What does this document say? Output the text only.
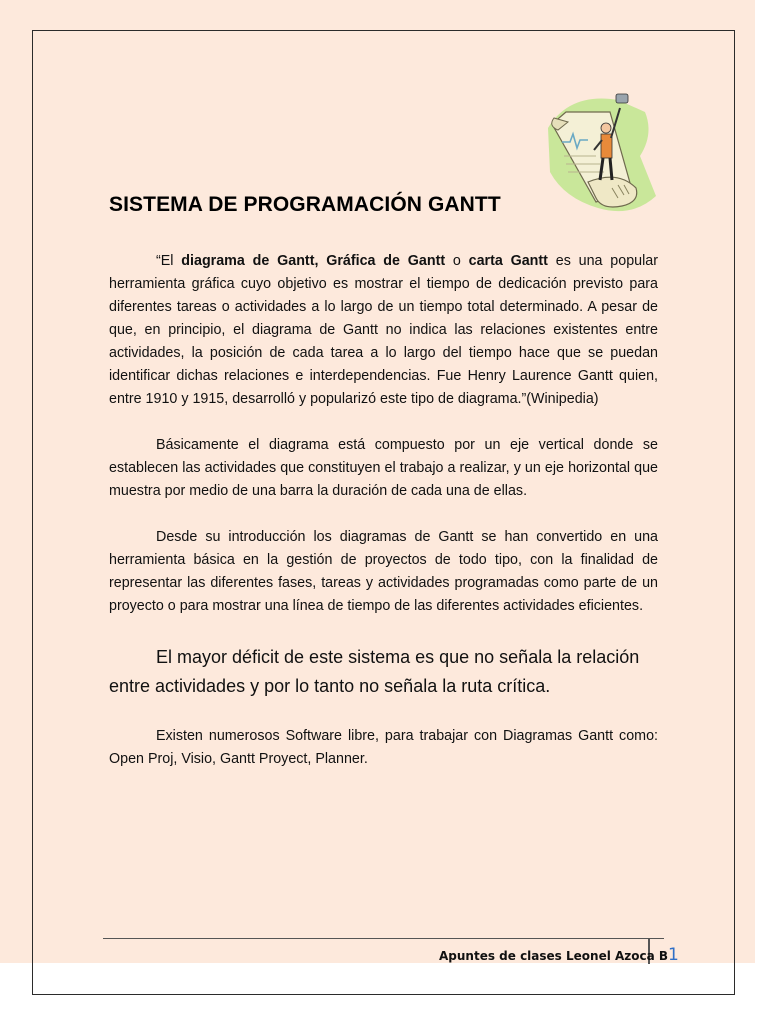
SISTEMA DE PROGRAMACIÓN GANTT

“El diagrama de Gantt, Gráfica de Gantt o carta Gantt es una popular herramienta gráfica cuyo objetivo es mostrar el tiempo de dedicación previsto para diferentes tareas o actividades a lo largo de un tiempo total determinado. A pesar de que, en principio, el diagrama de Gantt no indica las relaciones existentes entre actividades, la posición de cada tarea a lo largo del tiempo hace que se puedan identificar dichas relaciones e interdependencias. Fue Henry Laurence Gantt quien, entre 1910 y 1915, desarrolló y popularizó este tipo de diagrama.”(Winipedia)

Básicamente el diagrama está compuesto por un eje vertical donde se establecen las actividades que constituyen el trabajo a realizar, y un eje horizontal que muestra por medio de una barra la duración de cada una de ellas.

Desde su introducción los diagramas de Gantt se han convertido en una herramienta básica en la gestión de proyectos de todo tipo, con la finalidad de representar las diferentes fases, tareas y actividades programadas como parte de un proyecto o para mostrar una línea de tiempo de las diferentes actividades eficientes.

El mayor déficit de este sistema es que no señala la relación entre actividades y por lo tanto no señala la ruta crítica.

Existen numerosos Software libre, para trabajar con Diagramas Gantt como: Open Proj, Visio, Gantt Proyect, Planner.

Apuntes de clases Leonel Azoca B1
